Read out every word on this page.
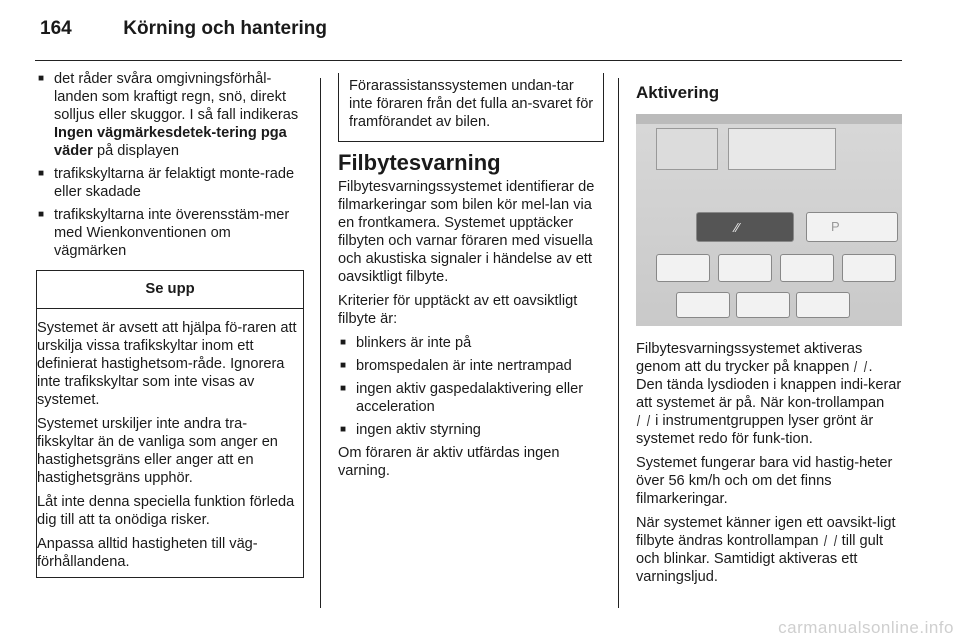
164	Körning och hantering
■ det råder svåra omgivningsförhål-landen som kraftigt regn, snö, direkt solljus eller skuggor. I så fall indikeras Ingen vägmärkesdetek-tering pga väder på displayen
■ trafikskyltarna är felaktigt monte-rade eller skadade
■ trafikskyltarna inte överensstäm-mer med Wienkonventionen om vägmärken
Se upp

Systemet är avsett att hjälpa fö-raren att urskilja vissa trafikskyltar inom ett definierat hastighetsom-råde. Ignorera inte trafikskyltar som inte visas av systemet.

Systemet urskiljer inte andra tra-fikskyltar än de vanliga som anger en hastighetsgräns eller anger att en hastighetsgräns upphör.

Låt inte denna speciella funktion förleda dig till att ta onödiga risker.

Anpassa alltid hastigheten till väg-förhållandena.

Förarassistanssystemen undan-tar inte föraren från det fulla an-svaret för framförandet av bilen.
Filbytesvarning

Filbytesvarningssystemet identifierar de filmarkeringar som bilen kör mel-lan via en frontkamera. Systemet upptäcker filbyten och varnar föraren med visuella och akustiska signaler i händelse av ett oavsiktligt filbyte.

Kriterier för upptäckt av ett oavsiktligt filbyte är:

■ blinkers är inte på
■ bromspedalen är inte nertrampad
■ ingen aktiv gaspedalaktivering eller acceleration
■ ingen aktiv styrning

Om föraren är aktiv utfärdas ingen varning.

Aktivering
∕∕	P

Filbytesvarningssystemet aktiveras genom att du trycker på knappen . Den tända lysdioden i knappen indi-kerar att systemet är på. När kon-trollampan  i instrumentgruppen lyser grönt är systemet redo för funk-tion.

Systemet fungerar bara vid hastig-heter över 56 km/h och om det finns filmarkeringar.

När systemet känner igen ett oavsikt-ligt filbyte ändras kontrollampan till gult och blinkar. Samtidigt aktiveras ett varningsljud.

carmanualsonline.info
